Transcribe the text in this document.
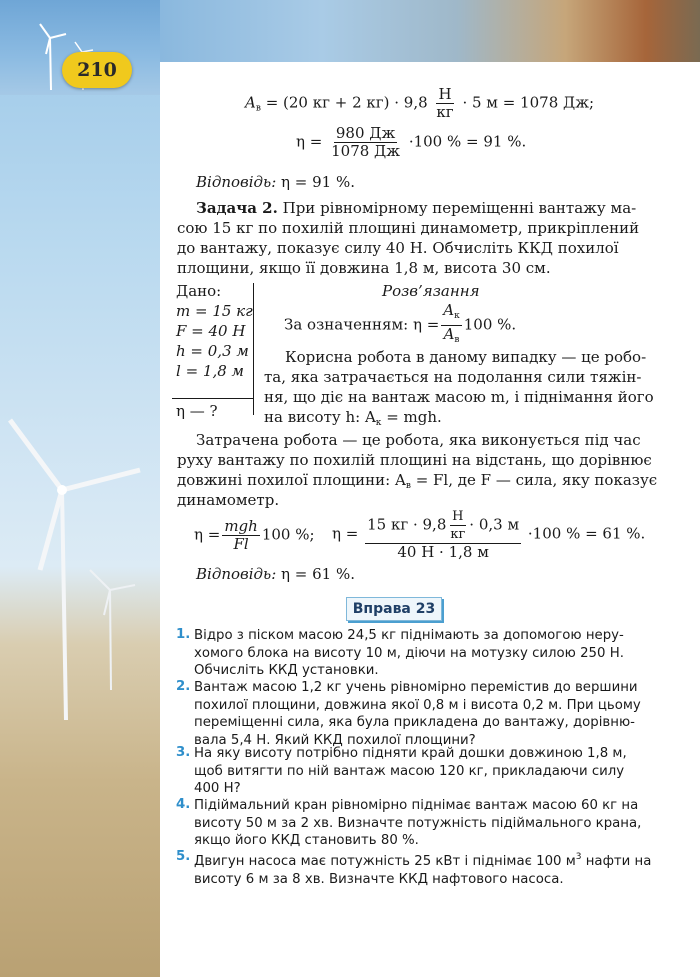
210
$A_в = (20$ кг + 2 $кг) \cdot 9,8 \frac{Н}{кг} \cdot 5$ м = 1078 Дж;
$\eta = \frac{980 Дж}{1078 Дж} \cdot 100$ % = 91 %.
Відповідь: η = 91 %.
Задача 2. При рівномірному переміщенні вантажу ма-
сою 15 кг по похилій площині динамометр, прикріплений
до вантажу, показує силу 40 Н. Обчисліть ККД похилої
площини, якщо її довжина 1,8 м, висота 30 см.
Дано:
m = 15 кг
F = 40 Н
h = 0,3 м
l = 1,8 м
η — ?
Розв’язання
За означенням: $\eta = \frac{A_к}{A_в} 100$ %.
Корисна робота в даному випадку — це робо-
та, яка затрачається на подолання сили тяжін-
ня, що діє на вантаж масою m, і піднімання його
на висоту h: $A_к$ = mgh.
Затрачена робота — це робота, яка виконується під час
руху вантажу по похилій площині на відстань, що дорівнює
довжині похилої площини: $A_в = Fl$, де F — сила, яку показує
динамометр.
$\eta = \frac{\text{mgh}}{Fl} 100$ %; $\eta = \frac{15 кг \cdot 9,8 \frac{Н}{кг} \cdot 0,3 м}{40 Н \cdot 1,8 м} \cdot 100$ % = 61 %.
Відповідь: η = 61 %.
Вправа 23
1. Відро з піском масою 24,5 кг піднімають за допомогою неру-
хомого блока на висоту 10 м, діючи на мотузку силою 250 Н.
Обчисліть ККД установки.
2. Вантаж масою 1,2 кг учень рівномірно перемістив до вершини
похилої площини, довжина якої 0,8 м і висота 0,2 м. При цьому
переміщенні сила, яка була прикладена до вантажу, дорівню-
вала 5,4 Н. Який ККД похилої площини?
3. На яку висоту потрібно підняти край дошки довжиною 1,8 м,
щоб витягти по ній вантаж масою 120 кг, прикладаючи силу
400 Н?
4. Підіймальний кран рівномірно піднімає вантаж масою 60 кг на
висоту 50 м за 2 хв. Визначте потужність підіймального крана,
якщо його ККД становить 80 %.
5. Двигун насоса має потужність 25 кВт і піднімає 100 $м^3$ нафти на
висоту 6 м за 8 хв. Визначте ККД нафтового насоса.
